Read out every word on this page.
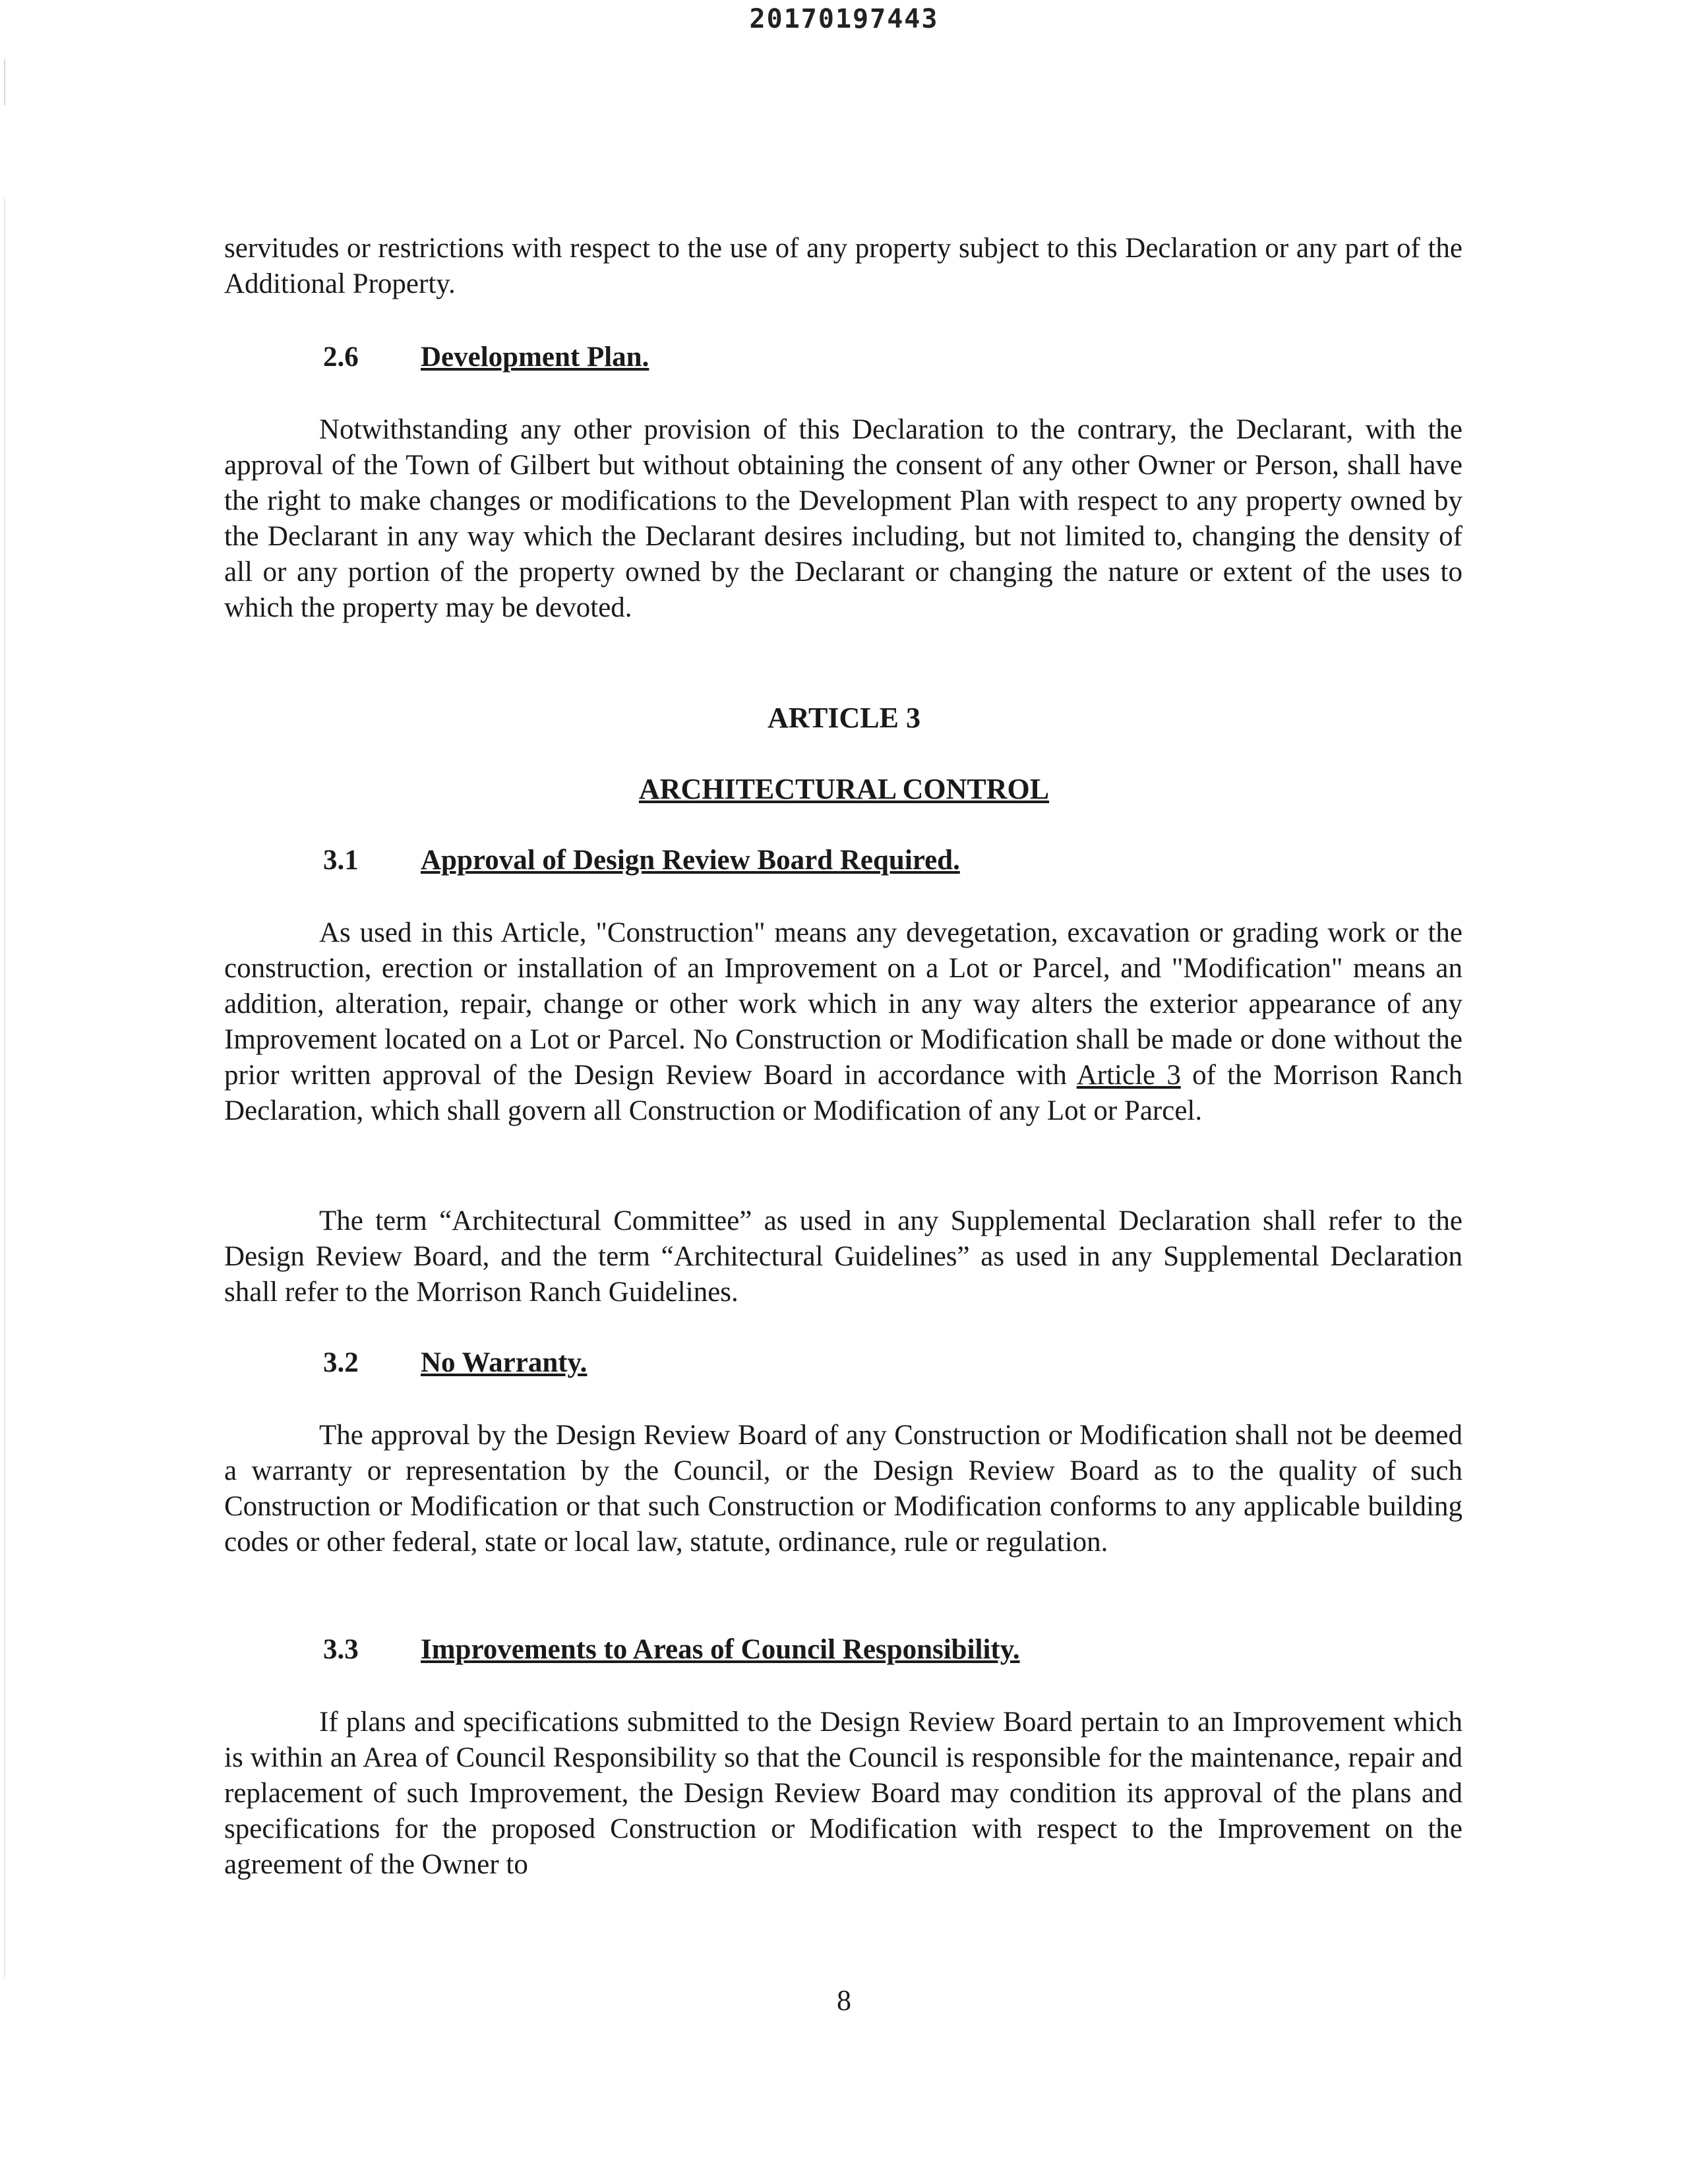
20170197443

servitudes or restrictions with respect to the use of any property subject to this Declaration or any part of the Additional Property.

2.6 Development Plan.

Notwithstanding any other provision of this Declaration to the contrary, the Declarant, with the approval of the Town of Gilbert but without obtaining the consent of any other Owner or Person, shall have the right to make changes or modifications to the Development Plan with respect to any property owned by the Declarant in any way which the Declarant desires including, but not limited to, changing the density of all or any portion of the property owned by the Declarant or changing the nature or extent of the uses to which the property may be devoted.

ARTICLE 3
ARCHITECTURAL CONTROL
3.1 Approval of Design Review Board Required.

As used in this Article, "Construction" means any devegetation, excavation or grading work or the construction, erection or installation of an Improvement on a Lot or Parcel, and "Modification" means an addition, alteration, repair, change or other work which in any way alters the exterior appearance of any Improvement located on a Lot or Parcel. No Construction or Modification shall be made or done without the prior written approval of the Design Review Board in accordance with Article 3 of the Morrison Ranch Declaration, which shall govern all Construction or Modification of any Lot or Parcel.

The term “Architectural Committee” as used in any Supplemental Declaration shall refer to the Design Review Board, and the term “Architectural Guidelines” as used in any Supplemental Declaration shall refer to the Morrison Ranch Guidelines.

3.2 No Warranty.

The approval by the Design Review Board of any Construction or Modification shall not be deemed a warranty or representation by the Council, or the Design Review Board as to the quality of such Construction or Modification or that such Construction or Modification conforms to any applicable building codes or other federal, state or local law, statute, ordinance, rule or regulation.

3.3 Improvements to Areas of Council Responsibility.

If plans and specifications submitted to the Design Review Board pertain to an Improvement which is within an Area of Council Responsibility so that the Council is responsible for the maintenance, repair and replacement of such Improvement, the Design Review Board may condition its approval of the plans and specifications for the proposed Construction or Modification with respect to the Improvement on the agreement of the Owner to

8
